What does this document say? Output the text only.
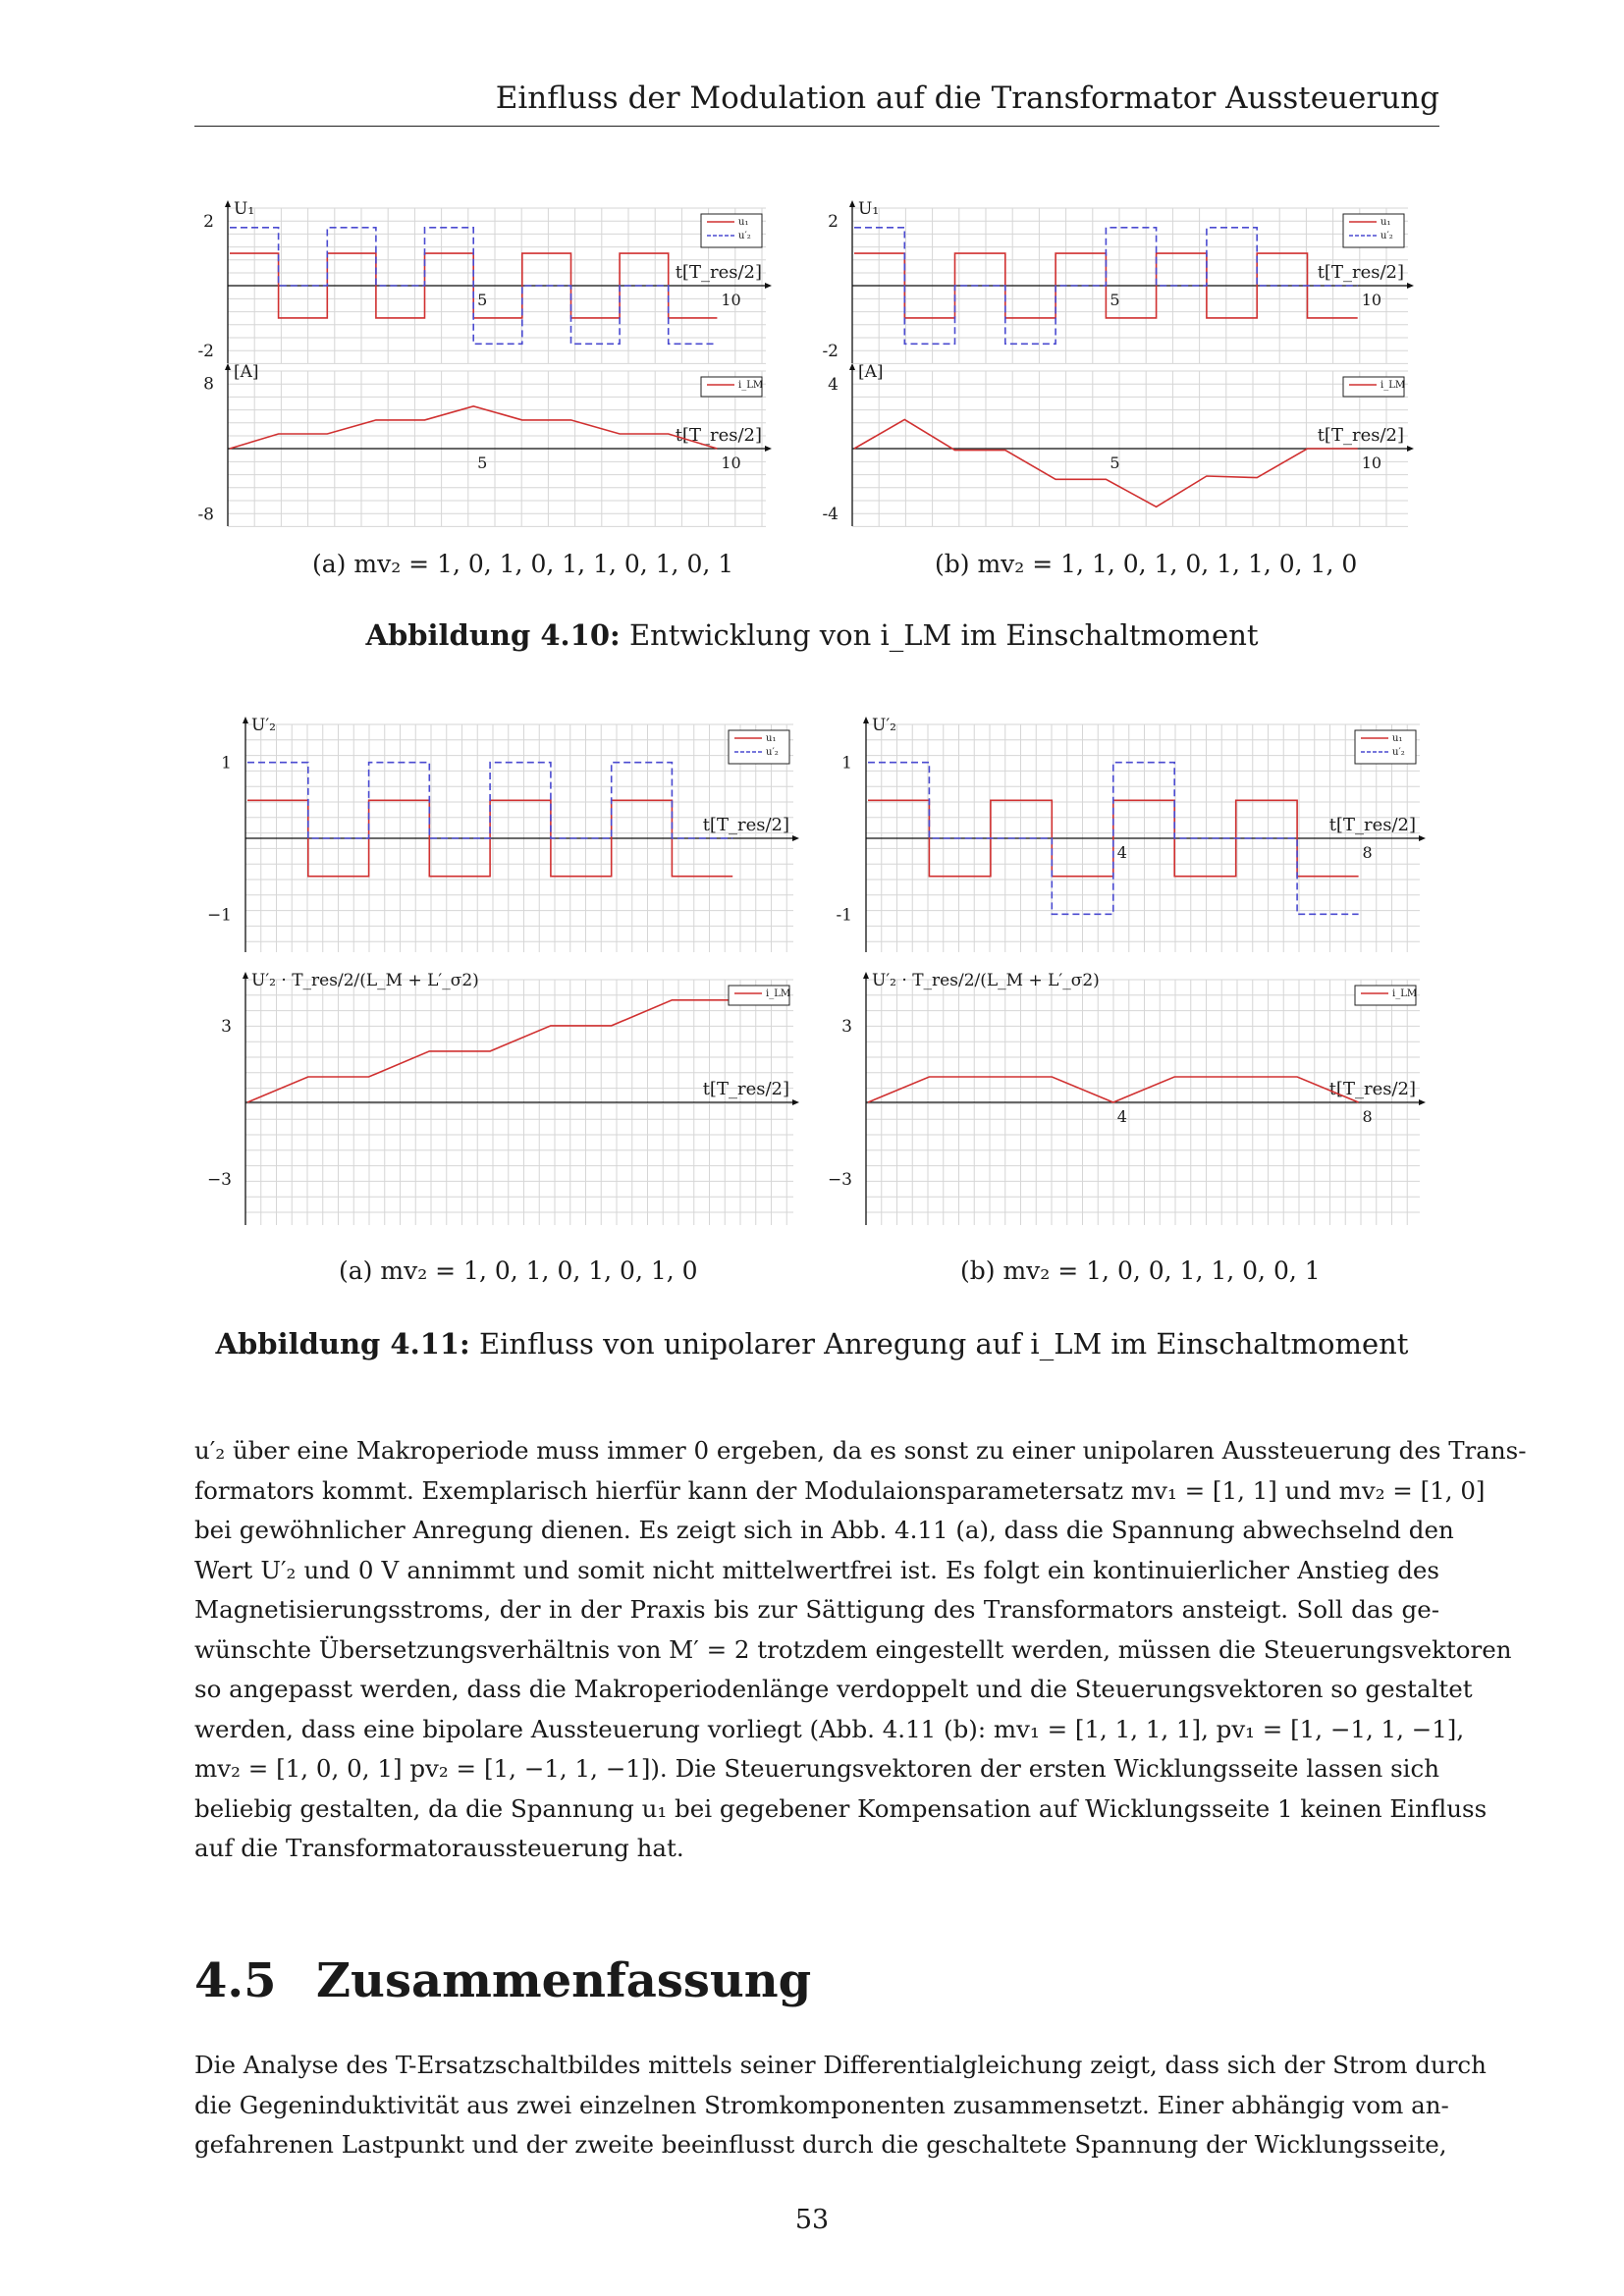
Einfluss der Modulation auf die Transformator Aussteuerung
U₁
t[T_res/2]
2
-2
5	10
u₁
u′₂
[A]
t[T_res/2]
8
-8
5	10
i_LM
U₁
t[T_res/2]
2
-2
5	10
u₁
u′₂
[A]
t[T_res/2]
4
-4
5	10
i_LM
U′₂
t[T_res/2]
1
−1
u₁
u′₂
U′₂ · T_res/2/(L_M + L′_σ2)
t[T_res/2]
3
−3
i_LM
U′₂
t[T_res/2]
1
-1
4	8
u₁
u′₂
U′₂ · T_res/2/(L_M + L′_σ2)
t[T_res/2]
3
−3
4	8
i_LM
(a) mv₂ = 1, 0, 1, 0, 1, 1, 0, 1, 0, 1	(b) mv₂ = 1, 1, 0, 1, 0, 1, 1, 0, 1, 0
Abbildung 4.10: Entwicklung von i_LM im Einschaltmoment
(a) mv₂ = 1, 0, 1, 0, 1, 0, 1, 0	(b) mv₂ = 1, 0, 0, 1, 1, 0, 0, 1
Abbildung 4.11: Einfluss von unipolarer Anregung auf i_LM im Einschaltmoment
u′₂ über eine Makroperiode muss immer 0 ergeben, da es sonst zu einer unipolaren Aussteuerung des Trans-
formators kommt. Exemplarisch hierfür kann der Modulaionsparametersatz mv₁ = [1, 1] und mv₂ = [1, 0]
bei gewöhnlicher Anregung dienen. Es zeigt sich in Abb. 4.11 (a), dass die Spannung abwechselnd den
Wert U′₂ und 0 V annimmt und somit nicht mittelwertfrei ist. Es folgt ein kontinuierlicher Anstieg des
Magnetisierungsstroms, der in der Praxis bis zur Sättigung des Transformators ansteigt. Soll das ge-
wünschte Übersetzungsverhältnis von M′ = 2 trotzdem eingestellt werden, müssen die Steuerungsvektoren
so angepasst werden, dass die Makroperiodenlänge verdoppelt und die Steuerungsvektoren so gestaltet
werden, dass eine bipolare Aussteuerung vorliegt (Abb. 4.11 (b): mv₁ = [1, 1, 1, 1], pv₁ = [1, −1, 1, −1],
mv₂ = [1, 0, 0, 1] pv₂ = [1, −1, 1, −1]). Die Steuerungsvektoren der ersten Wicklungsseite lassen sich
beliebig gestalten, da die Spannung u₁ bei gegebener Kompensation auf Wicklungsseite 1 keinen Einfluss
auf die Transformatoraussteuerung hat.
4.5 Zusammenfassung
Die Analyse des T-Ersatzschaltbildes mittels seiner Differentialgleichung zeigt, dass sich der Strom durch
die Gegeninduktivität aus zwei einzelnen Stromkomponenten zusammensetzt. Einer abhängig vom an-
gefahrenen Lastpunkt und der zweite beeinflusst durch die geschaltete Spannung der Wicklungsseite,
53
